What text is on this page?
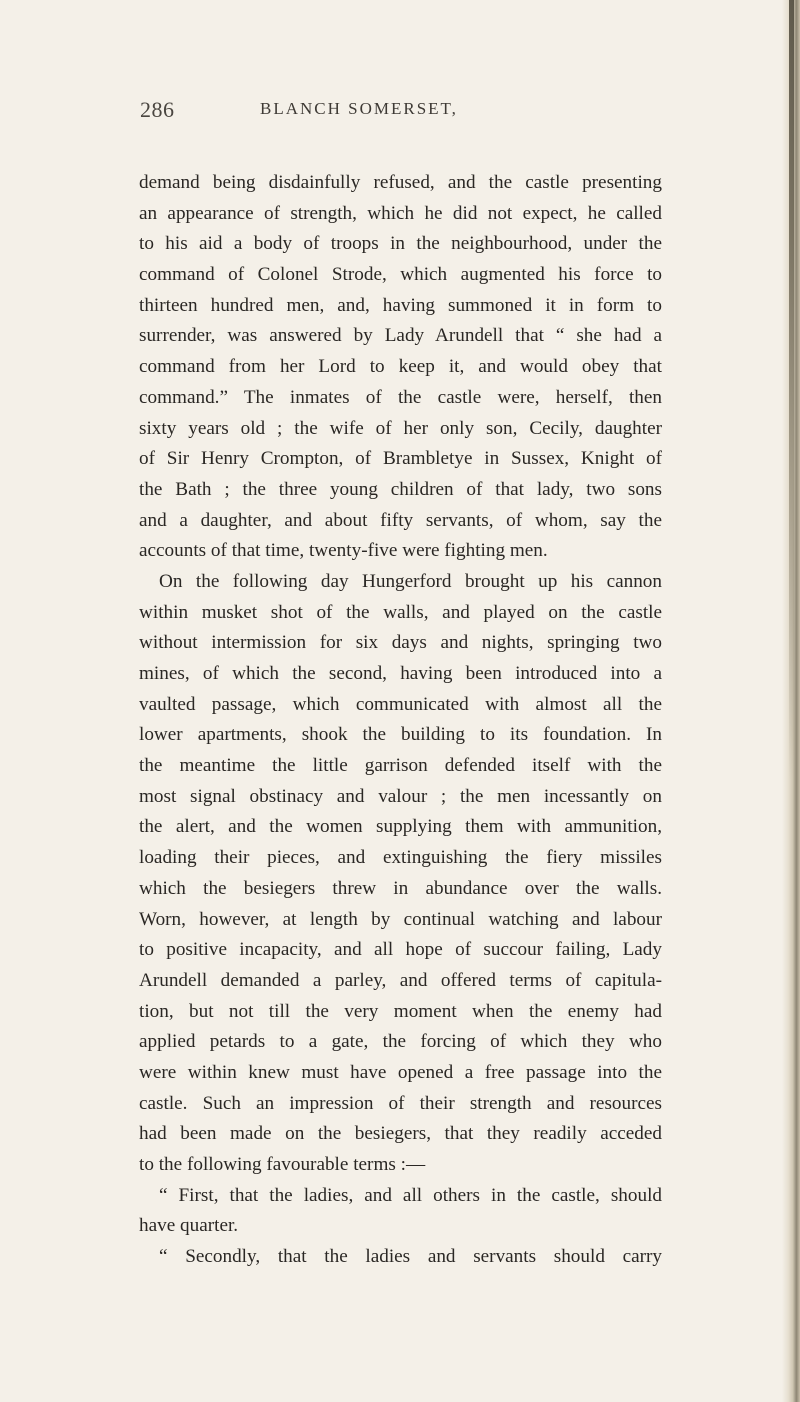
286	BLANCH SOMERSET,
demand being disdainfully refused, and the castle presenting
an appearance of strength, which he did not expect, he called
to his aid a body of troops in the neighbourhood, under the
command of Colonel Strode, which augmented his force to
thirteen hundred men, and, having summoned it in form to
surrender, was answered by Lady Arundell that “ she had a
command from her Lord to keep it, and would obey that
command.” The inmates of the castle were, herself, then
sixty years old ; the wife of her only son, Cecily, daughter
of Sir Henry Crompton, of Brambletye in Sussex, Knight of
the Bath ; the three young children of that lady, two sons
and a daughter, and about fifty servants, of whom, say the
accounts of that time, twenty-five were fighting men.
On the following day Hungerford brought up his cannon
within musket shot of the walls, and played on the castle
without intermission for six days and nights, springing two
mines, of which the second, having been introduced into a
vaulted passage, which communicated with almost all the
lower apartments, shook the building to its foundation. In
the meantime the little garrison defended itself with the
most signal obstinacy and valour ; the men incessantly on
the alert, and the women supplying them with ammunition,
loading their pieces, and extinguishing the fiery missiles
which the besiegers threw in abundance over the walls.
Worn, however, at length by continual watching and labour
to positive incapacity, and all hope of succour failing, Lady
Arundell demanded a parley, and offered terms of capitula-
tion, but not till the very moment when the enemy had
applied petards to a gate, the forcing of which they who
were within knew must have opened a free passage into the
castle. Such an impression of their strength and resources
had been made on the besiegers, that they readily acceded
to the following favourable terms :—
“ First, that the ladies, and all others in the castle, should
have quarter.
“ Secondly, that the ladies and servants should carry
